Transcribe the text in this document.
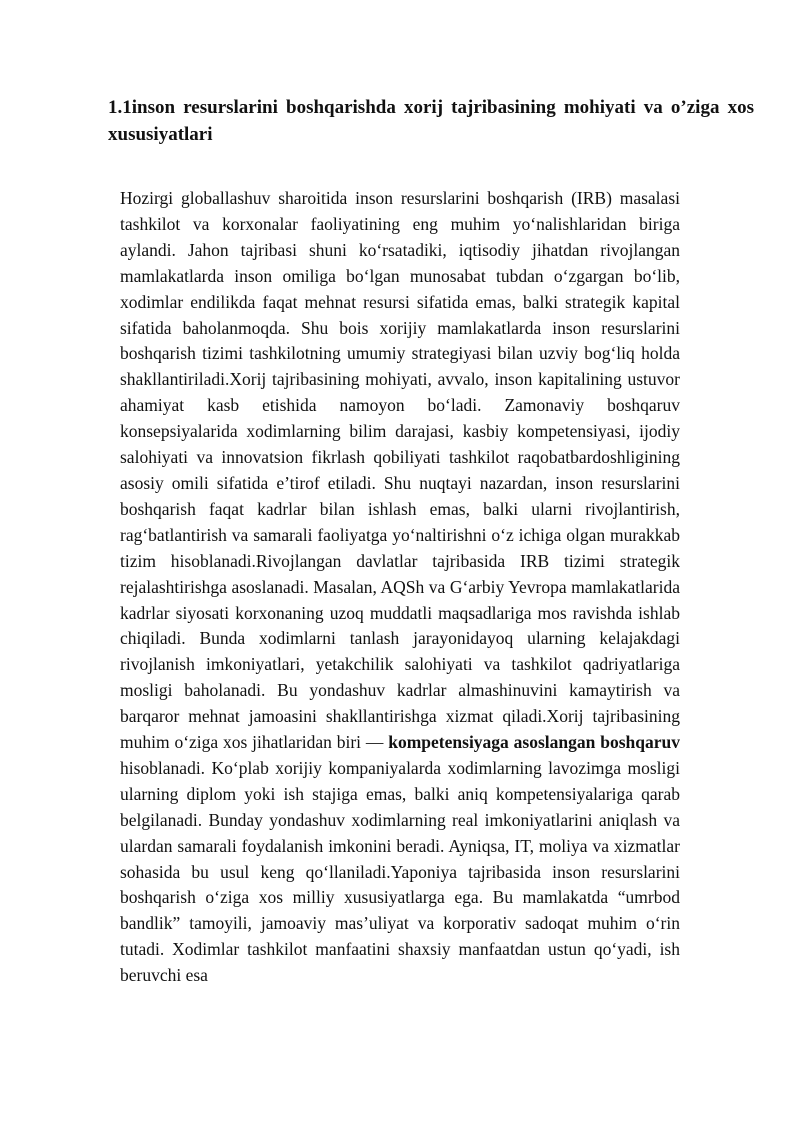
1.1inson resurslarini boshqarishda xorij tajribasining mohiyati va o’ziga xos xususiyatlari

Hozirgi globallashuv sharoitida inson resurslarini boshqarish (IRB) masalasi tashkilot va korxonalar faoliyatining eng muhim yo‘nalishlaridan biriga aylandi. Jahon tajribasi shuni ko‘rsatadiki, iqtisodiy jihatdan rivojlangan mamlakatlarda inson omiliga bo‘lgan munosabat tubdan o‘zgargan bo‘lib, xodimlar endilikda faqat mehnat resursi sifatida emas, balki strategik kapital sifatida baholanmoqda. Shu bois xorijiy mamlakatlarda inson resurslarini boshqarish tizimi tashkilotning umumiy strategiyasi bilan uzviy bog‘liq holda shakllantiriladi.Xorij tajribasining mohiyati, avvalo, inson kapitalining ustuvor ahamiyat kasb etishida namoyon bo‘ladi. Zamonaviy boshqaruv konsepsiyalarida xodimlarning bilim darajasi, kasbiy kompetensiyasi, ijodiy salohiyati va innovatsion fikrlash qobiliyati tashkilot raqobatbardoshligining asosiy omili sifatida e’tirof etiladi. Shu nuqtayi nazardan, inson resurslarini boshqarish faqat kadrlar bilan ishlash emas, balki ularni rivojlantirish, rag‘batlantirish va samarali faoliyatga yo‘naltirishni o‘z ichiga olgan murakkab tizim hisoblanadi.Rivojlangan davlatlar tajribasida IRB tizimi strategik rejalashtirishga asoslanadi. Masalan, AQSh va G‘arbiy Yevropa mamlakatlarida kadrlar siyosati korxonaning uzoq muddatli maqsadlariga mos ravishda ishlab chiqiladi. Bunda xodimlarni tanlash jarayonidayoq ularning kelajakdagi rivojlanish imkoniyatlari, yetakchilik salohiyati va tashkilot qadriyatlariga mosligi baholanadi. Bu yondashuv kadrlar almashinuvini kamaytirish va barqaror mehnat jamoasini shakllantirishga xizmat qiladi.Xorij tajribasining muhim o‘ziga xos jihatlaridan biri — kompetensiyaga asoslangan boshqaruv hisoblanadi. Ko‘plab xorijiy kompaniyalarda xodimlarning lavozimga mosligi ularning diplom yoki ish stajiga emas, balki aniq kompetensiyalariga qarab belgilanadi. Bunday yondashuv xodimlarning real imkoniyatlarini aniqlash va ulardan samarali foydalanish imkonini beradi. Ayniqsa, IT, moliya va xizmatlar sohasida bu usul keng qo‘llaniladi.Yaponiya tajribasida inson resurslarini boshqarish o‘ziga xos milliy xususiyatlarga ega. Bu mamlakatda “umrbod bandlik” tamoyili, jamoaviy mas’uliyat va korporativ sadoqat muhim o‘rin tutadi. Xodimlar tashkilot manfaatini shaxsiy manfaatdan ustun qo‘yadi, ish beruvchi esa
